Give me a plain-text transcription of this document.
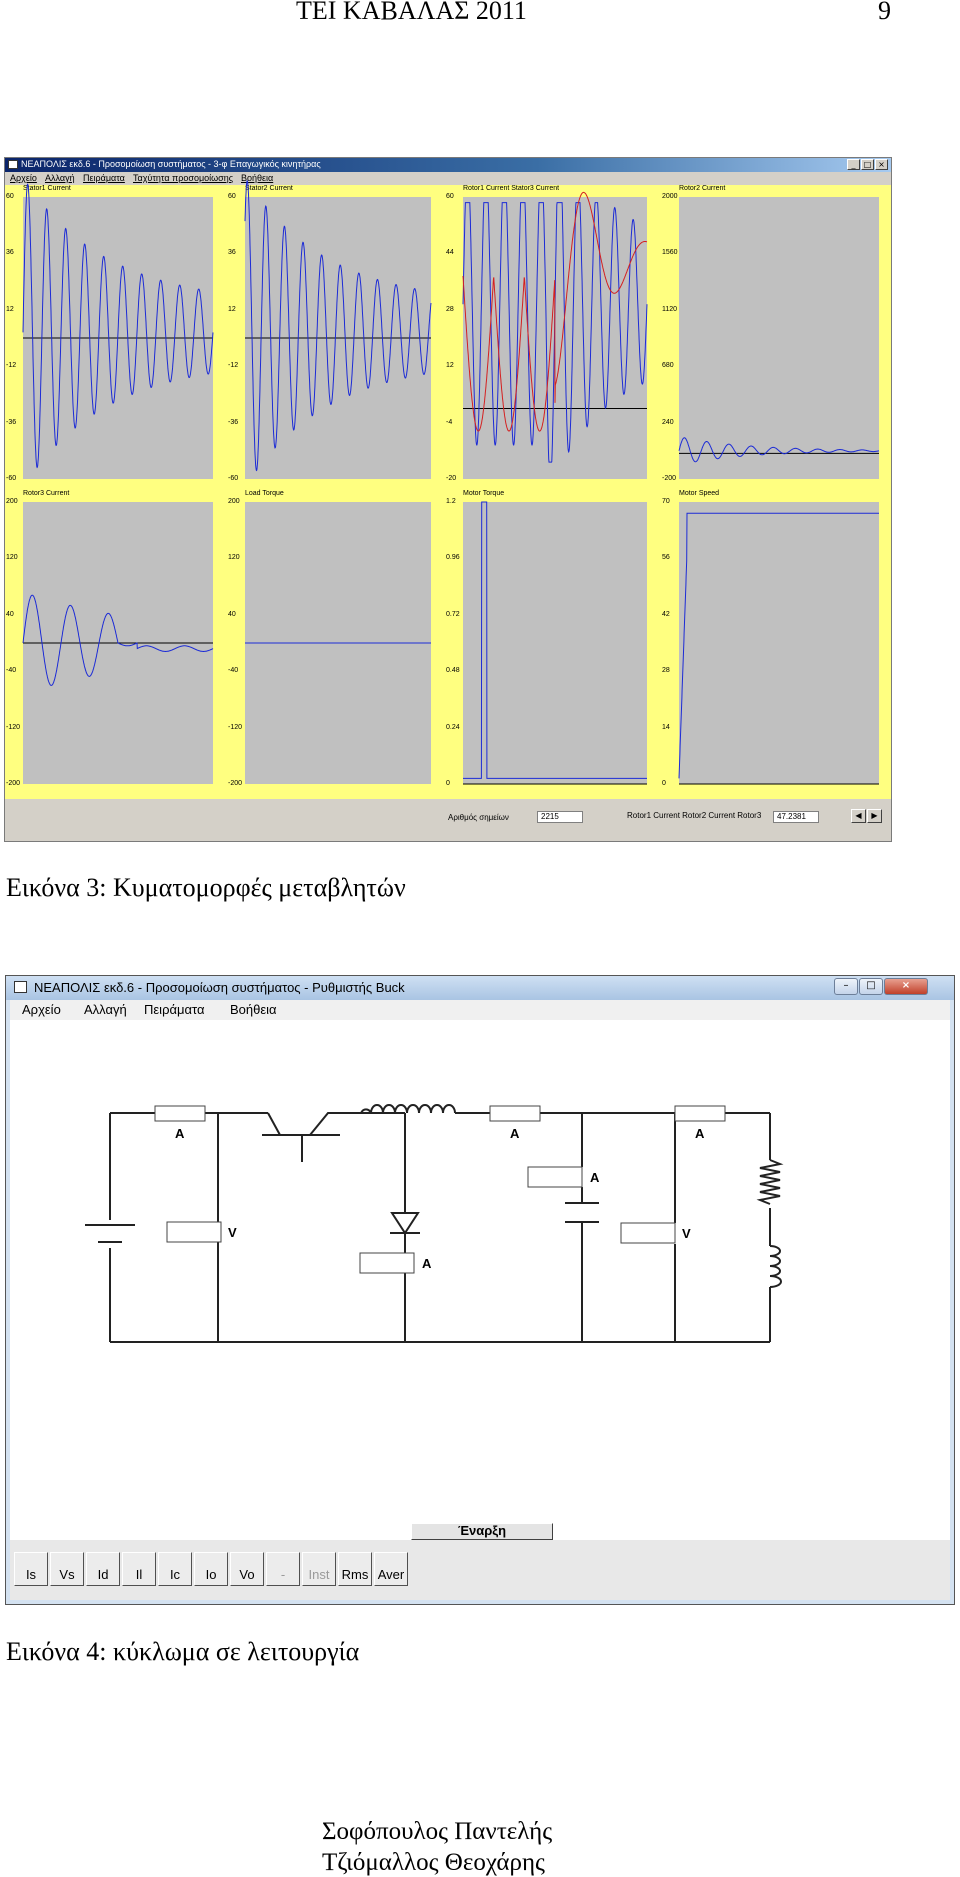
ΤΕΙ ΚΑΒΑΛΑΣ 2011	9
ΝΕΑΠΟΛΙΣ εκδ.6 - Προσομοίωση συστήματος - 3-φ Επαγωγικός κινητήρας	_	□ ×
Αρχείο Αλλαγή Πειράματα Ταχύτητα προσομοίωσης Βοήθεια
Stator1 Current
60
36
12
-12
-36
-60
Stator2 Current
60
36
12
-12
-36
-60
Rotor1 Current Stator3 Current
60
44
28
12
-4
-20
Rotor2 Current
2000
1560
1120
680
240
-200
Rotor3 Current
200
120
40
-40
-120
-200
Load Torque
200
120
40
-40
-120
-200
Motor Torque
1.2
0.96
0.72
0.48
0.24
0
Motor Speed
70
56
42
28
14
0
Αριθμός σημείων	2215	Rotor1 Current Rotor2 Current Rotor3	47.2381	◀	▶
Εικόνα 3: Κυματομορφές μεταβλητών
ΝΕΑΠΟΛΙΣ εκδ.6 - Προσομοίωση συστήματος - Ρυθμιστής Buck	–	□	×
Αρχείο Αλλαγή Πειράματα Βοήθεια
A	A	A
A
A
V	V
Έναρξη
Is	Vs	Id	Il	Ic	Io	Vo	-	Inst Rms Aver
Εικόνα 4: κύκλωμα σε λειτουργία
Σοφόπουλος Παντελής
Τζιόμαλλος Θεοχάρης
